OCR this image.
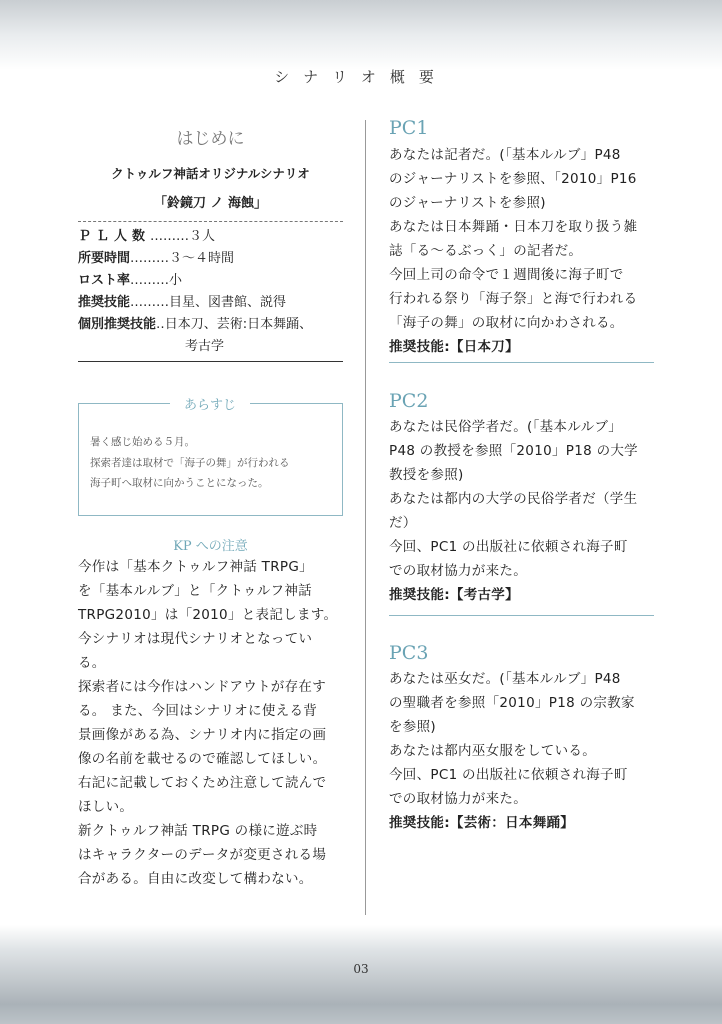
シナリオ概要
はじめに
クトゥルフ神話オリジナルシナリオ
「鈴鏡刀 ノ 海蝕」
ＰＬ人数 ……… ３人
所要時間 ……… ３～４時間
ロスト率 ……… 小
推奨技能 ……… 目星、図書館、説得
個別推奨技能 ‥ 日本刀、芸術:日本舞踊、
考古学
あらすじ
暑く感じ始める５月。
探索者達は取材で「海子の舞」が行われる
海子町へ取材に向かうことになった。
KP への注意
今作は「基本クトゥルフ神話 TRPG」
を「基本ルルブ」と「クトゥルフ神話
TRPG2010」は「2010」と表記します。
今シナリオは現代シナリオとなってい
る。
探索者には今作はハンドアウトが存在す
る。 また、今回はシナリオに使える背
景画像がある為、シナリオ内に指定の画
像の名前を載せるので確認してほしい。
右記に記載しておくため注意して読んで
ほしい。
新クトゥルフ神話 TRPG の様に遊ぶ時
はキャラクターのデータが変更される場
合がある。自由に改変して構わない。
PC1
あなたは記者だ。(「基本ルルブ」P48
のジャーナリストを参照、「2010」P16
のジャーナリストを参照)
あなたは日本舞踊・日本刀を取り扱う雑
誌「る～るぶっく」の記者だ。
今回上司の命令で１週間後に海子町で
行われる祭り「海子祭」と海で行われる
「海子の舞」の取材に向かわされる。
推奨技能:【日本刀】
PC2
あなたは民俗学者だ。(「基本ルルブ」
P48 の教授を参照「2010」P18 の大学
教授を参照)
あなたは都内の大学の民俗学者だ（学生
だ）
今回、PC1 の出版社に依頼され海子町
での取材協力が来た。
推奨技能:【考古学】
PC3
あなたは巫女だ。(「基本ルルブ」P48
の聖職者を参照「2010」P18 の宗教家
を参照)
あなたは都内巫女服をしている。
今回、PC1 の出版社に依頼され海子町
での取材協力が来た。
推奨技能:【芸術：日本舞踊】
03
